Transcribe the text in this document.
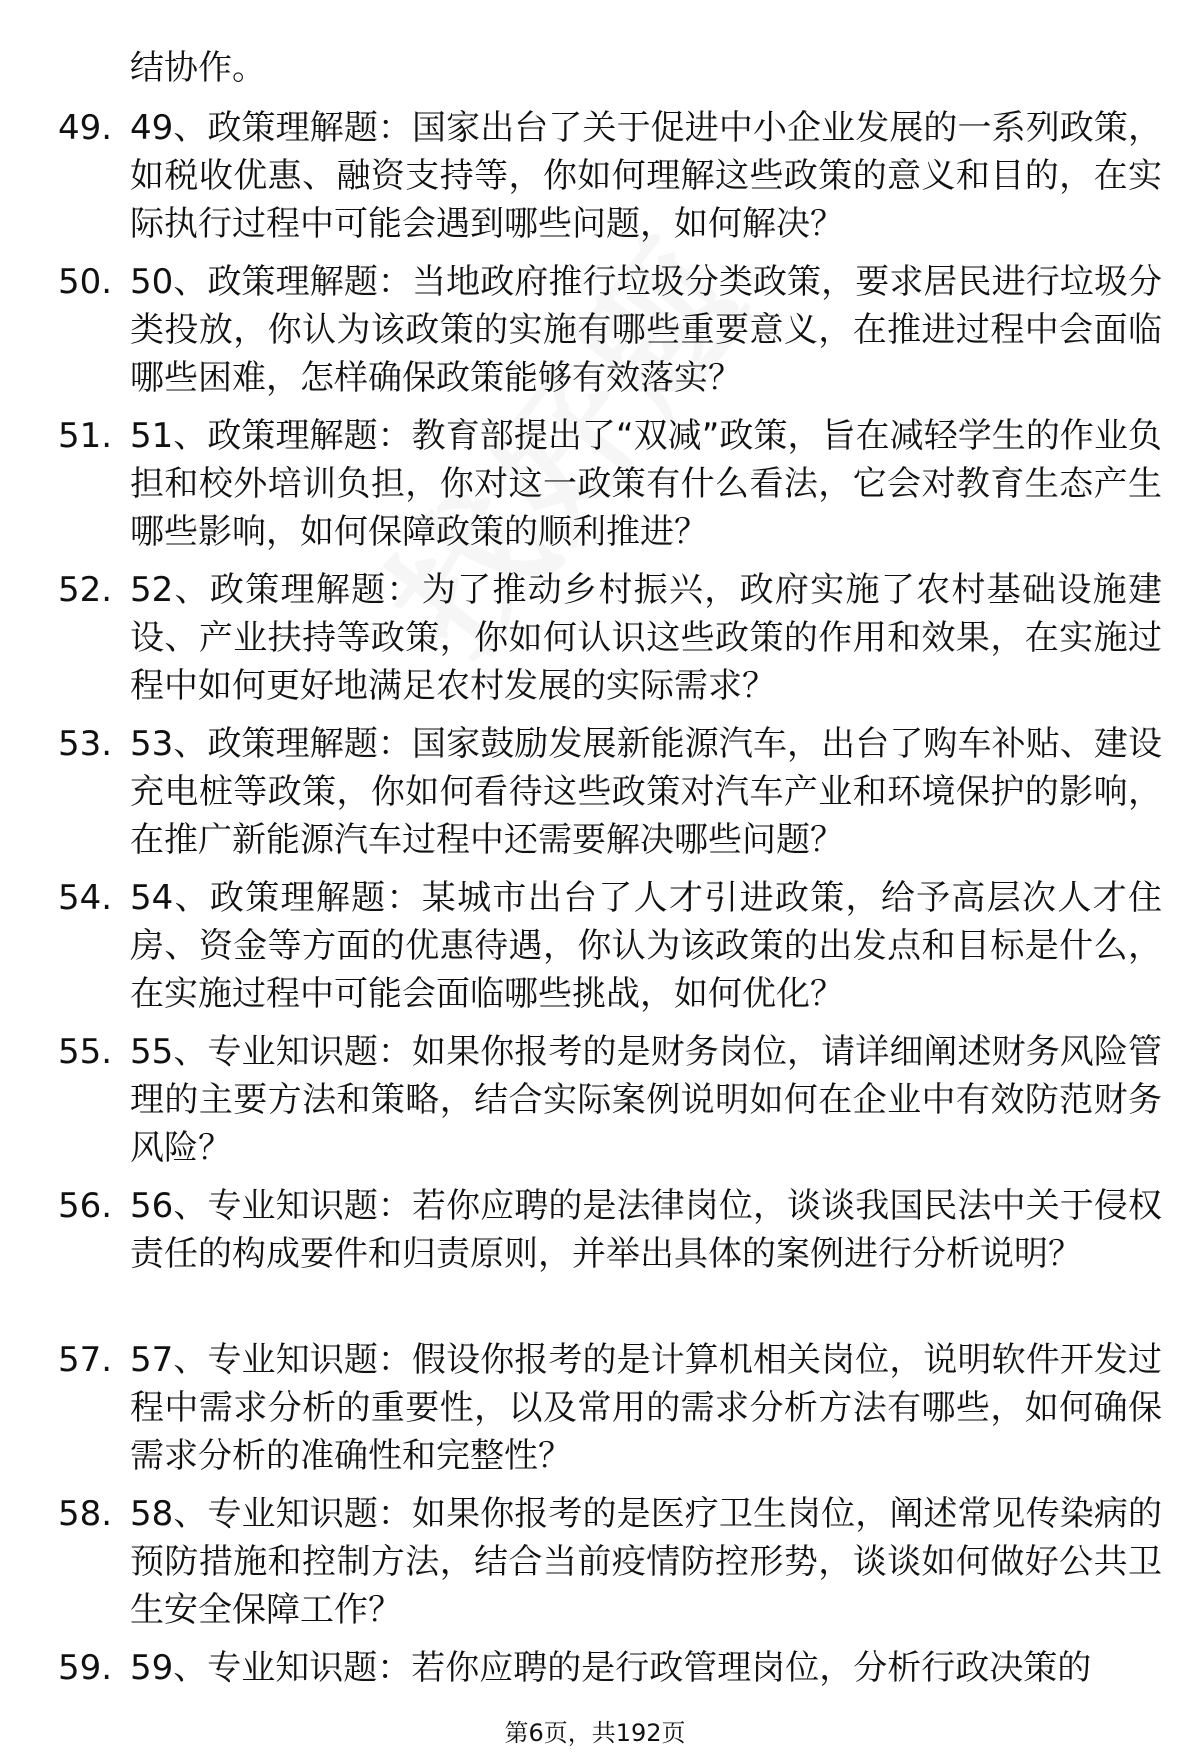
结协作。
49. 49、政策理解题：国家出台了关于促进中小企业发展的一系列政策，如税收优惠、融资支持等，你如何理解这些政策的意义和目的，在实际执行过程中可能会遇到哪些问题，如何解决？
50. 50、政策理解题：当地政府推行垃圾分类政策，要求居民进行垃圾分类投放，你认为该政策的实施有哪些重要意义，在推进过程中会面临哪些困难，怎样确保政策能够有效落实？
51. 51、政策理解题：教育部提出了“双减”政策，旨在减轻学生的作业负担和校外培训负担，你对这一政策有什么看法，它会对教育生态产生哪些影响，如何保障政策的顺利推进？
52. 52、政策理解题：为了推动乡村振兴，政府实施了农村基础设施建设、产业扶持等政策，你如何认识这些政策的作用和效果，在实施过程中如何更好地满足农村发展的实际需求？
53. 53、政策理解题：国家鼓励发展新能源汽车，出台了购车补贴、建设充电桩等政策，你如何看待这些政策对汽车产业和环境保护的影响，在推广新能源汽车过程中还需要解决哪些问题？
54. 54、政策理解题：某城市出台了人才引进政策，给予高层次人才住房、资金等方面的优惠待遇，你认为该政策的出发点和目标是什么，在实施过程中可能会面临哪些挑战，如何优化？
55. 55、专业知识题：如果你报考的是财务岗位，请详细阐述财务风险管理的主要方法和策略，结合实际案例说明如何在企业中有效防范财务风险？
56. 56、专业知识题：若你应聘的是法律岗位，谈谈我国民法中关于侵权责任的构成要件和归责原则，并举出具体的案例进行分析说明？
57. 57、专业知识题：假设你报考的是计算机相关岗位，说明软件开发过程中需求分析的重要性，以及常用的需求分析方法有哪些，如何确保需求分析的准确性和完整性？
58. 58、专业知识题：如果你报考的是医疗卫生岗位，阐述常见传染病的预防措施和控制方法，结合当前疫情防控形势，谈谈如何做好公共卫生安全保障工作？
59. 59、专业知识题：若你应聘的是行政管理岗位，分析行政决策的
第6页，共192页
